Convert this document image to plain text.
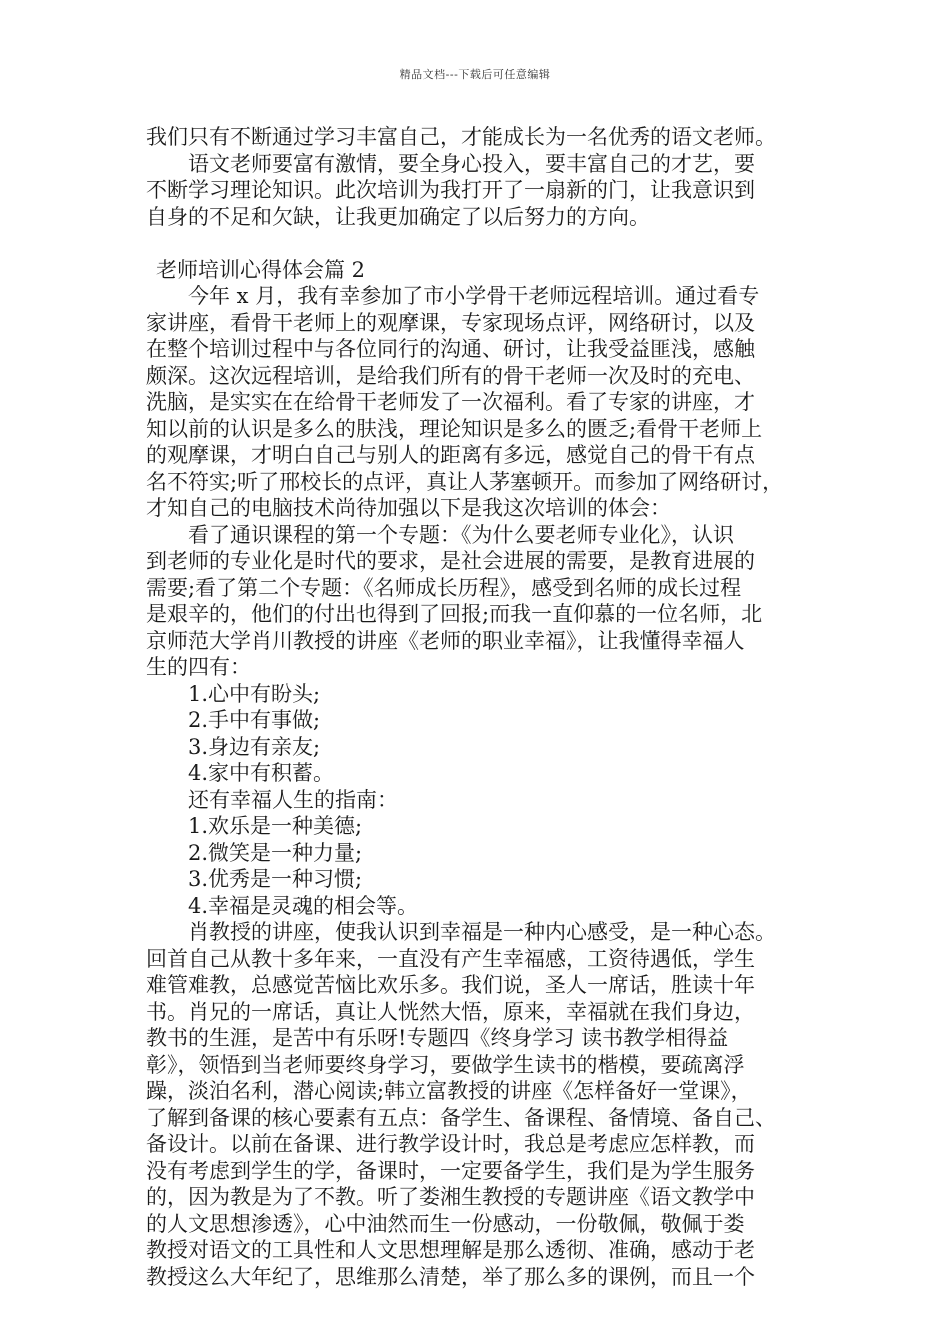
精品文档---下载后可任意编辑
我们只有不断通过学习丰富自己，才能成长为一名优秀的语文老师。
语文老师要富有激情，要全身心投入，要丰富自己的才艺，要
不断学习理论知识。此次培训为我打开了一扇新的门，让我意识到
自身的不足和欠缺，让我更加确定了以后努力的方向。
老师培训心得体会篇 2
今年 x 月，我有幸参加了市小学骨干老师远程培训。通过看专
家讲座，看骨干老师上的观摩课，专家现场点评，网络研讨，以及
在整个培训过程中与各位同行的沟通、研讨，让我受益匪浅，感触
颇深。这次远程培训，是给我们所有的骨干老师一次及时的充电、
洗脑，是实实在在给骨干老师发了一次福利。看了专家的讲座，才
知以前的认识是多么的肤浅，理论知识是多么的匮乏;看骨干老师上
的观摩课，才明白自己与别人的距离有多远，感觉自己的骨干有点
名不符实;听了邢校长的点评，真让人茅塞顿开。而参加了网络研讨，
才知自己的电脑技术尚待加强以下是我这次培训的体会：
看了通识课程的第一个专题：《为什么要老师专业化》，认识
到老师的专业化是时代的要求，是社会进展的需要，是教育进展的
需要;看了第二个专题：《名师成长历程》，感受到名师的成长过程
是艰辛的，他们的付出也得到了回报;而我一直仰慕的一位名师，北
京师范大学肖川教授的讲座《老师的职业幸福》，让我懂得幸福人
生的四有：
1.心中有盼头;
2.手中有事做;
3.身边有亲友;
4.家中有积蓄。
还有幸福人生的指南：
1.欢乐是一种美德;
2.微笑是一种力量;
3.优秀是一种习惯;
4.幸福是灵魂的相会等。
肖教授的讲座，使我认识到幸福是一种内心感受，是一种心态。
回首自己从教十多年来，一直没有产生幸福感，工资待遇低，学生
难管难教，总感觉苦恼比欢乐多。我们说，圣人一席话，胜读十年
书。肖兄的一席话，真让人恍然大悟，原来，幸福就在我们身边，
教书的生涯，是苦中有乐呀!专题四《终身学习 读书教学相得益
彰》，领悟到当老师要终身学习，要做学生读书的楷模，要疏离浮
躁，淡泊名利，潜心阅读;韩立富教授的讲座《怎样备好一堂课》，
了解到备课的核心要素有五点：备学生、备课程、备情境、备自己、
备设计。以前在备课、进行教学设计时，我总是考虑应怎样教，而
没有考虑到学生的学，备课时，一定要备学生，我们是为学生服务
的，因为教是为了不教。听了娄湘生教授的专题讲座《语文教学中
的人文思想渗透》，心中油然而生一份感动，一份敬佩，敬佩于娄
教授对语文的工具性和人文思想理解是那么透彻、准确，感动于老
教授这么大年纪了，思维那么清楚，举了那么多的课例，而且一个
